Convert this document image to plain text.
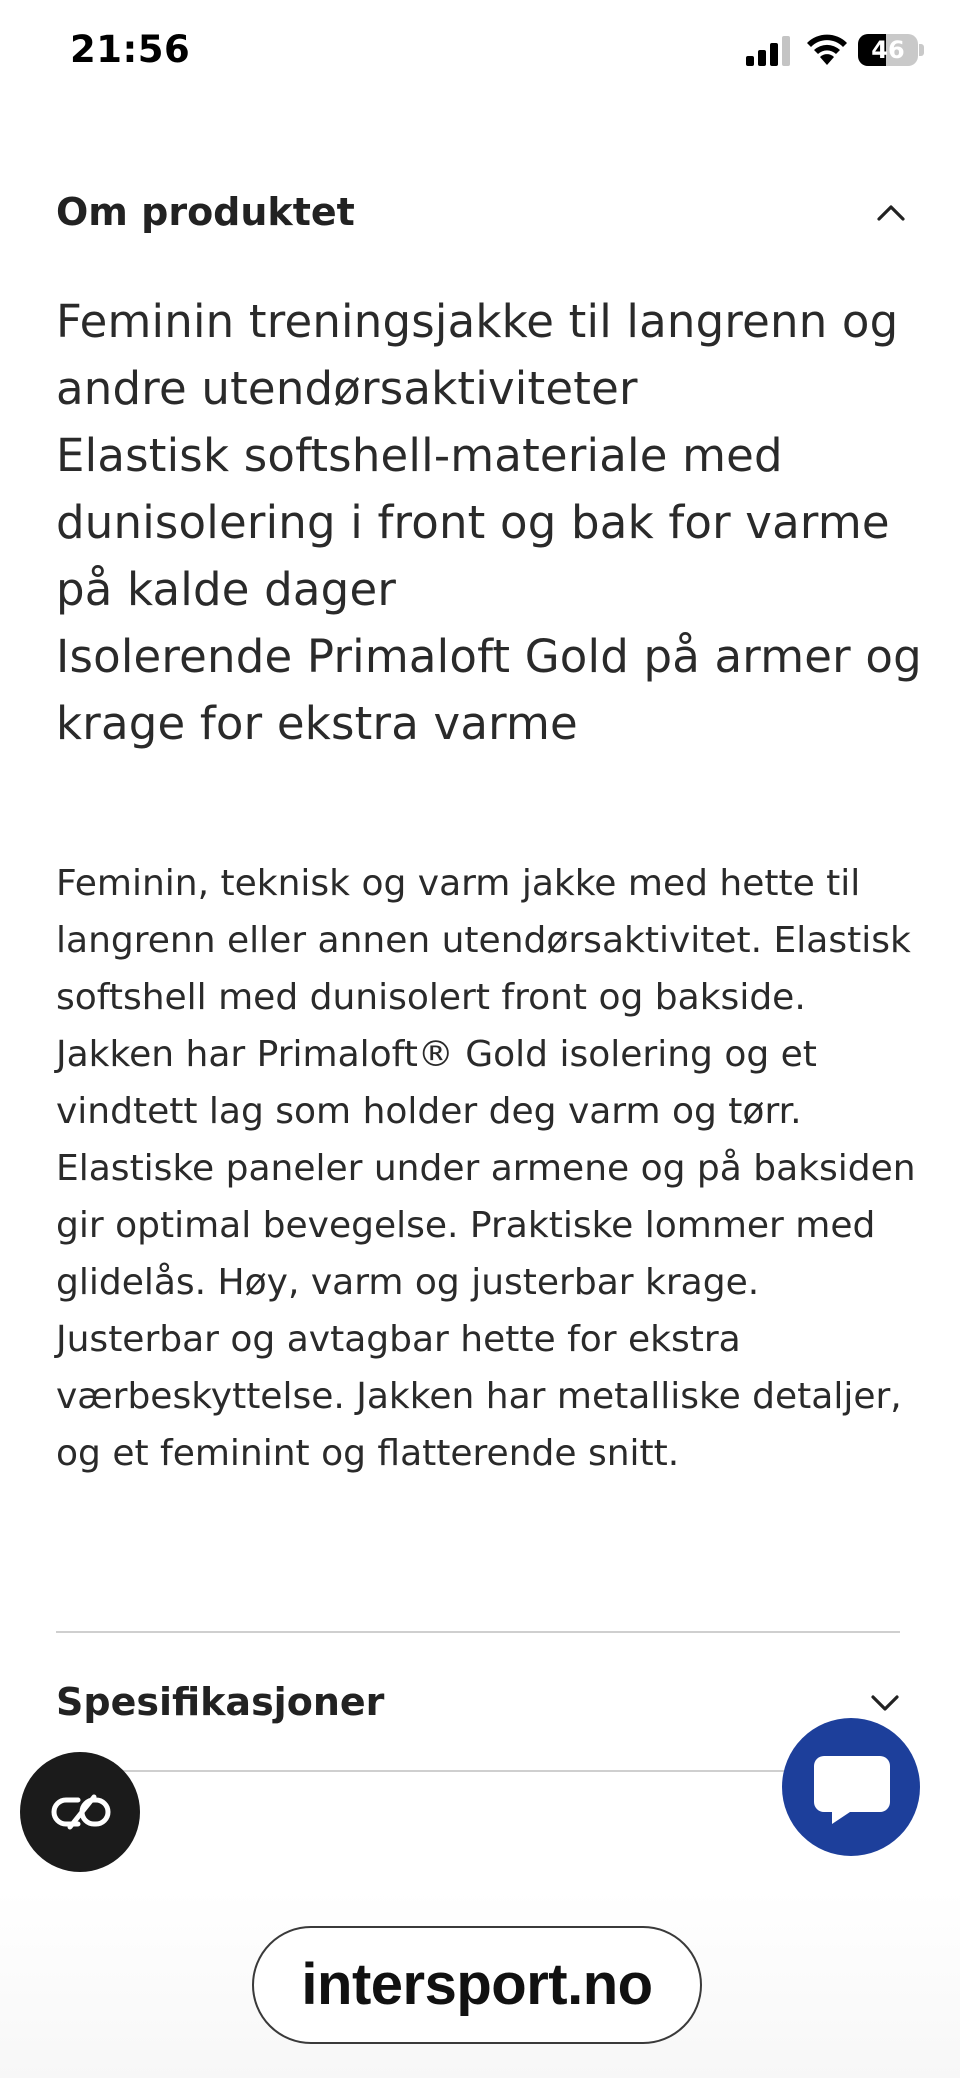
21:56	46
Om produktet
Feminin treningsjakke til langrenn og andre utendørsaktiviteter
Elastisk softshell-materiale med dunisolering i front og bak for varme på kalde dager
Isolerende Primaloft Gold på armer og krage for ekstra varme

Feminin, teknisk og varm jakke med hette til langrenn eller annen utendørsaktivitet. Elastisk softshell med dunisolert front og bakside. Jakken har Primaloft® Gold isolering og et vindtett lag som holder deg varm og tørr. Elastiske paneler under armene og på baksiden gir optimal bevegelse. Praktiske lommer med glidelås. Høy, varm og justerbar krage. Justerbar og avtagbar hette for ekstra værbeskyttelse. Jakken har metalliske detaljer, og et feminint og flatterende snitt.

Spesifikasjoner
intersport.no
